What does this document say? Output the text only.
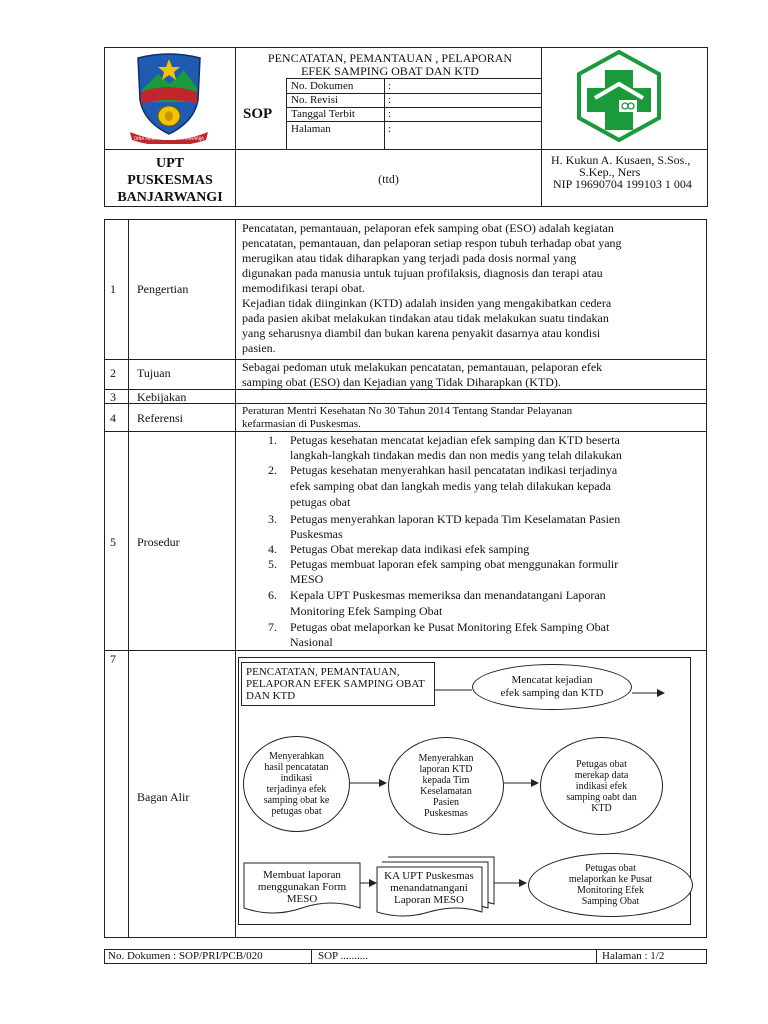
PENCATATAN, PEMANTAUAN , PELAPORAN
EFEK SAMPING OBAT DAN KTD
SOP
No. Dokumen	:
No. Revisi	:
Tanggal Terbit	:
Halaman	:
DINA PENGTRE2H BUPTA KAHARIJA
UPT
PUSKESMAS
BANJARWANGI
(ttd)
H. Kukun A. Kusaen, S.Sos.,
S.Kep., Ners
NIP 19690704 199103 1 004
1 Pengertian
Pencatatan, pemantauan, pelaporan efek samping obat (ESO) adalah kegiatan
pencatatan, pemantauan, dan pelaporan setiap respon tubuh terhadap obat yang
merugikan atau tidak diharapkan yang terjadi pada dosis normal yang
digunakan pada manusia untuk tujuan profilaksis, diagnosis dan terapi atau
memodifikasi terapi obat.
Kejadian tidak diinginkan (KTD) adalah insiden yang mengakibatkan cedera
pada pasien akibat melakukan tindakan atau tidak melakukan suatu tindakan
yang seharusnya diambil dan bukan karena penyakit dasarnya atau kondisi
pasien.
2 Tujuan	Sebagai pedoman utuk melakukan pencatatan, pemantauan, pelaporan efek
samping obat (ESO) dan Kejadian yang Tidak Diharapkan (KTD).
3 Kebijakan
4 Referensi	Peraturan Mentri Kesehatan No 30 Tahun 2014 Tentang Standar Pelayanan
kefarmasian di Puskesmas.
5 Prosedur
1. Petugas kesehatan mencatat kejadian efek samping dan KTD beserta
langkah-langkah tindakan medis dan non medis yang telah dilakukan
2. Petugas kesehatan menyerahkan hasil pencatatan indikasi terjadinya
efek samping obat dan langkah medis yang telah dilakukan kepada
petugas obat
3. Petugas menyerahkan laporan KTD kepada Tim Keselamatan Pasien
Puskesmas
4. Petugas Obat merekap data indikasi efek samping
5. Petugas membuat laporan efek samping obat menggunakan formulir
MESO
6. Kepala UPT Puskesmas memeriksa dan menandatangani Laporan
Monitoring Efek Samping Obat
7. Petugas obat melaporkan ke Pusat Monitoring Efek Samping Obat
Nasional
7
Bagan Alir
PENCATATAN, PEMANTAUAN,
PELAPORAN EFEK SAMPING OBAT
DAN KTD
Mencatat kejadian
efek samping dan KTD
Menyerahkan
hasil pencatatan
indikasi
terjadinya efek
samping obat ke
petugas obat
Menyerahkan
laporan KTD
kepada Tim
Keselamatan
Pasien
Puskesmas
Petugas obat
merekap data
indikasi efek
samping oabt dan
KTD
Membuat laporan
menggunakan Form
MESO
KA UPT Puskesmas
menandatnangani
Laporan MESO
Petugas obat
melaporkan ke Pusat
Monitoring Efek
Samping Obat
No. Dokumen : SOP/PRI/PCB/020	SOP ..........	Halaman : 1/2
